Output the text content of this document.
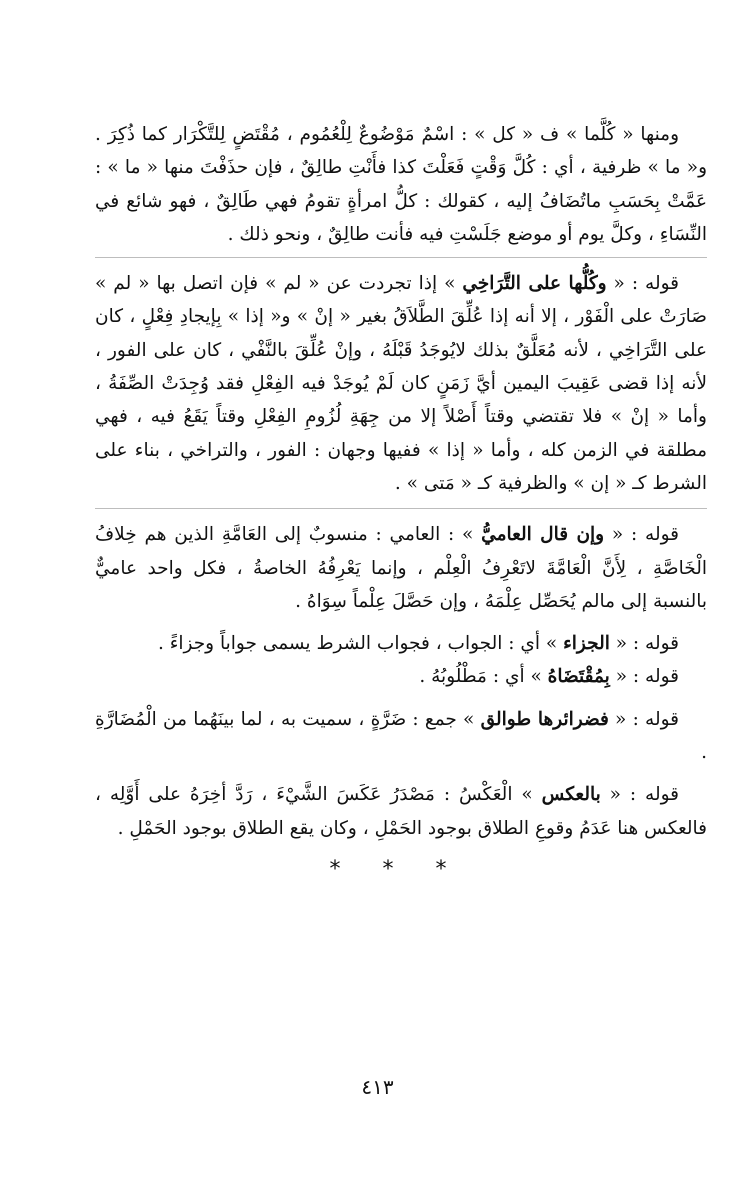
ومنها « كُلَّما » ف « كل » : اسْمٌ مَوْضُوعٌ لِلْعُمُوم ، مُقْتَضٍ لِلتَّكْرَار كما ذُكِرَ . و« ما » ظرفية ، أي : كُلَّ وَقْتٍ فَعَلْتَ كذا فأَنْتِ طالِقٌ ، فإن حذَفْتَ منها « ما » : عَمَّتْ بِحَسَبِ ماتُضَافُ إليه ، كقولك : كلُّ امرأةٍ تقومُ فهي طَالِقٌ ، فهو شائع في النِّسَاءِ ، وكلَّ يوم أو موضع جَلَسْتِ فيه فأنت طالِقٌ ، ونحو ذلك .

قوله : « وكُلُّها على التَّرَاخِي » إذا تجردت عن « لم » فإن اتصل بها « لم » صَارَتْ على الْفَوْر ، إلا أنه إذا عُلِّقَ الطَّلاَقُ بغير « إنْ » و« إذا » بِإيجادِ فِعْلٍ ، كان على التَّرَاخِي ، لأنه مُعَلَّقٌ بذلك لايُوجَدُ قَبْلَهُ ، وإنْ عُلِّقَ بالنَّفْي ، كان على الفور ، لأنه إذا قضى عَقِيبَ اليمين أيَّ زَمَنٍ كان لَمْ يُوجَدْ فيه الفِعْلِ فقد وُجِدَتْ الصِّفَةُ ، وأما « إنْ » فلا تقتضي وقتاً أَصْلاً إلا من جِهَةِ لُزُومِ الفِعْلِ وقتاً يَقَعُ فيه ، فهي مطلقة في الزمن كله ، وأما « إذا » ففيها وجهان : الفور ، والتراخي ، بناء على الشرط كـ « إن » والظرفية كـ « مَتى » .

قوله : « وإن قال العاميُّ » : العامي : منسوبٌ إلى العَامَّةِ الذين هم خِلافُ الْخَاصَّةِ ، لِأَنَّ الْعَامَّةَ لاتَعْرِفُ الْعِلْم ، وإنما يَعْرِفُهُ الخاصةُ ، فكل واحد عاميٌّ بالنسبة إلى مالم يُحَصِّل عِلْمَهُ ، وإن حَصَّلَ عِلْماً سِوَاهُ .

قوله : « الجزاء » أي : الجواب ، فجواب الشرط يسمى جواباً وجزاءً .

قوله : « بِمُقْتَضَاهُ » أي : مَطْلُوبُهُ .

قوله : « فضرائرها طوالق » جمع : ضَرَّةٍ ، سميت به ، لما بينَهُما من الْمُضَارَّةِ .

قوله : « بالعكس » الْعَكْسُ : مَصْدَرُ عَكَسَ الشَّيْءَ ، رَدَّ أخِرَهُ على أَوَّلِه ، فالعكس هنا عَدَمُ وقوعِ الطلاق بوجود الحَمْلِ ، وكان يقع الطلاق بوجود الحَمْلِ .

* * *
٤١٣
